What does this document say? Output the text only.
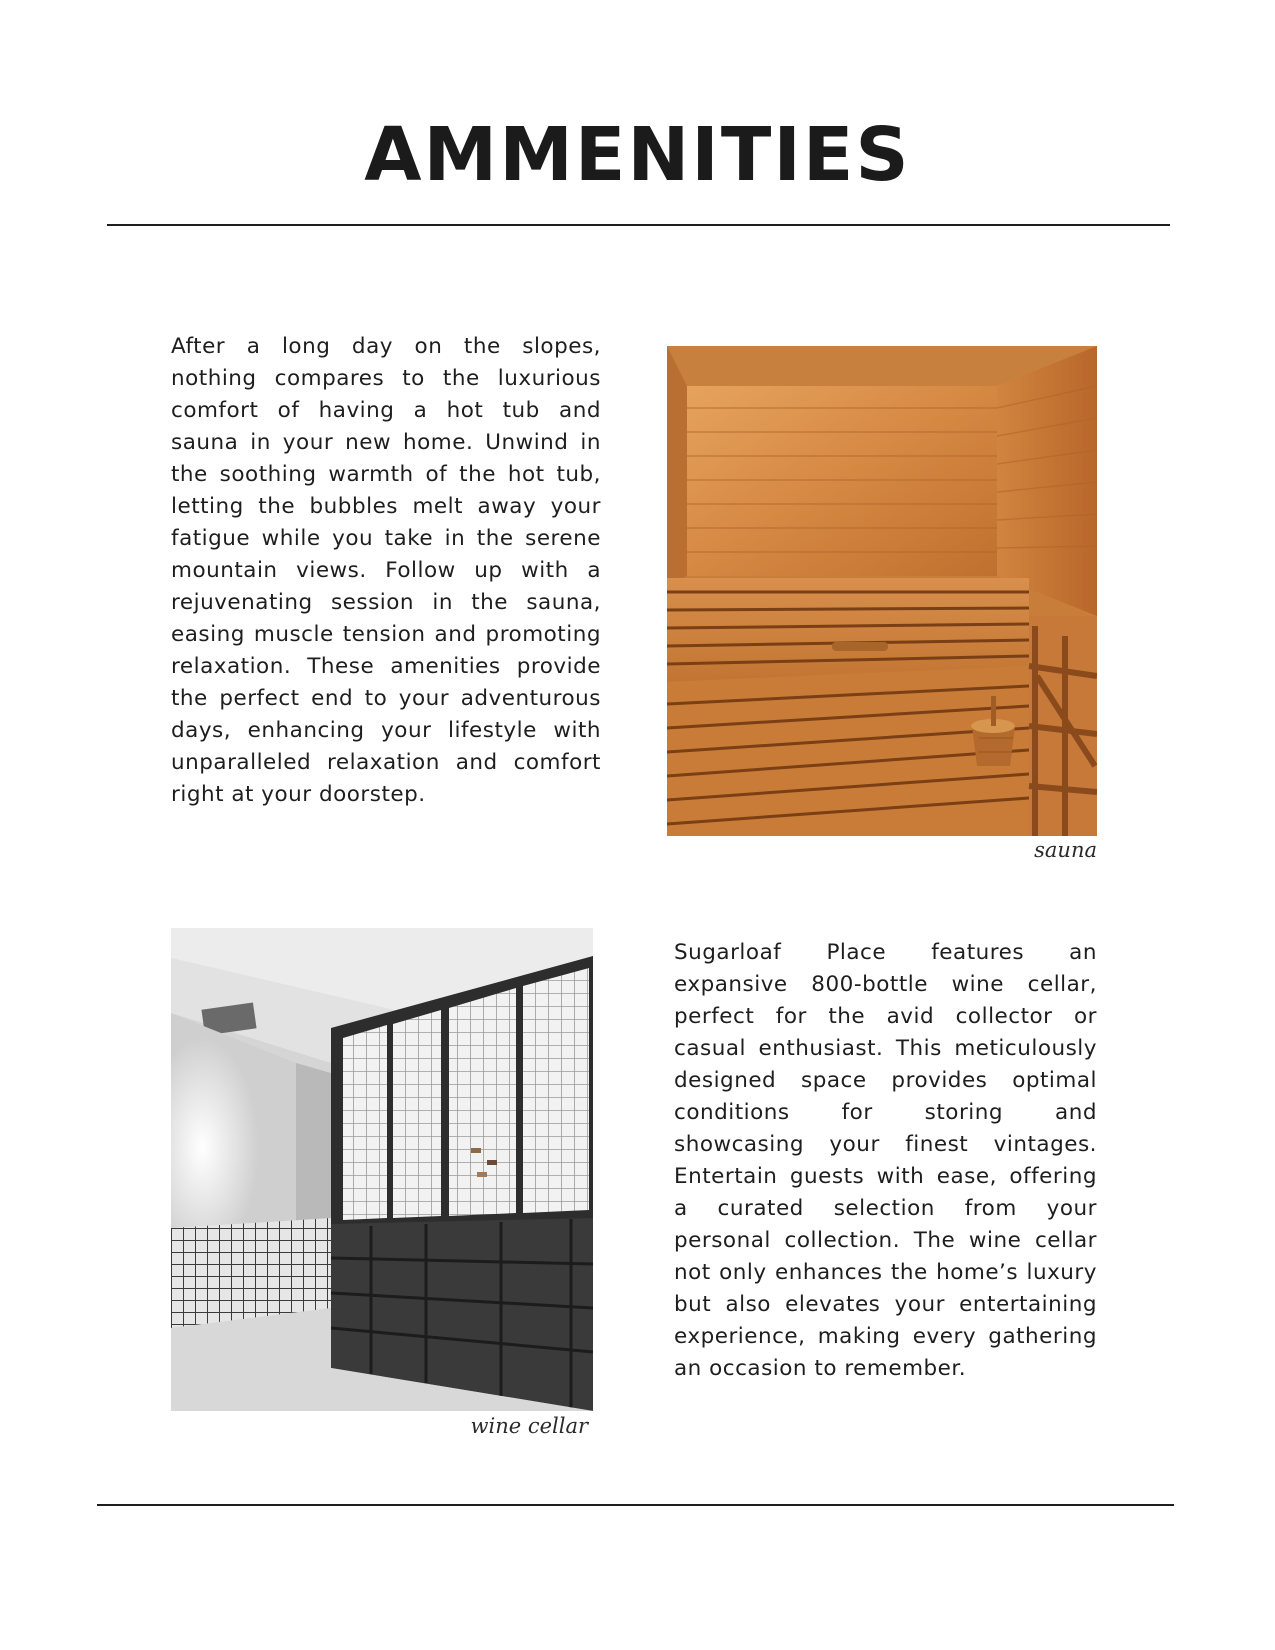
AMMENITIES

After a long day on the slopes, nothing compares to the luxurious comfort of having a hot tub and sauna in your new home. Unwind in the soothing warmth of the hot tub, letting the bubbles melt away your fatigue while you take in the serene mountain views. Follow up with a rejuvenating session in the sauna, easing muscle tension and promoting relaxation. These amenities provide the perfect end to your adventurous days, enhancing your lifestyle with unparalleled relaxation and comfort right at your doorstep.

sauna

wine cellar

Sugarloaf Place features an expansive 800-bottle wine cellar, perfect for the avid collector or casual enthusiast. This meticulously designed space provides optimal conditions for storing and showcasing your finest vintages. Entertain guests with ease, offering a curated selection from your personal collection. The wine cellar not only enhances the home’s luxury but also elevates your entertaining experience, making every gathering an occasion to remember.
